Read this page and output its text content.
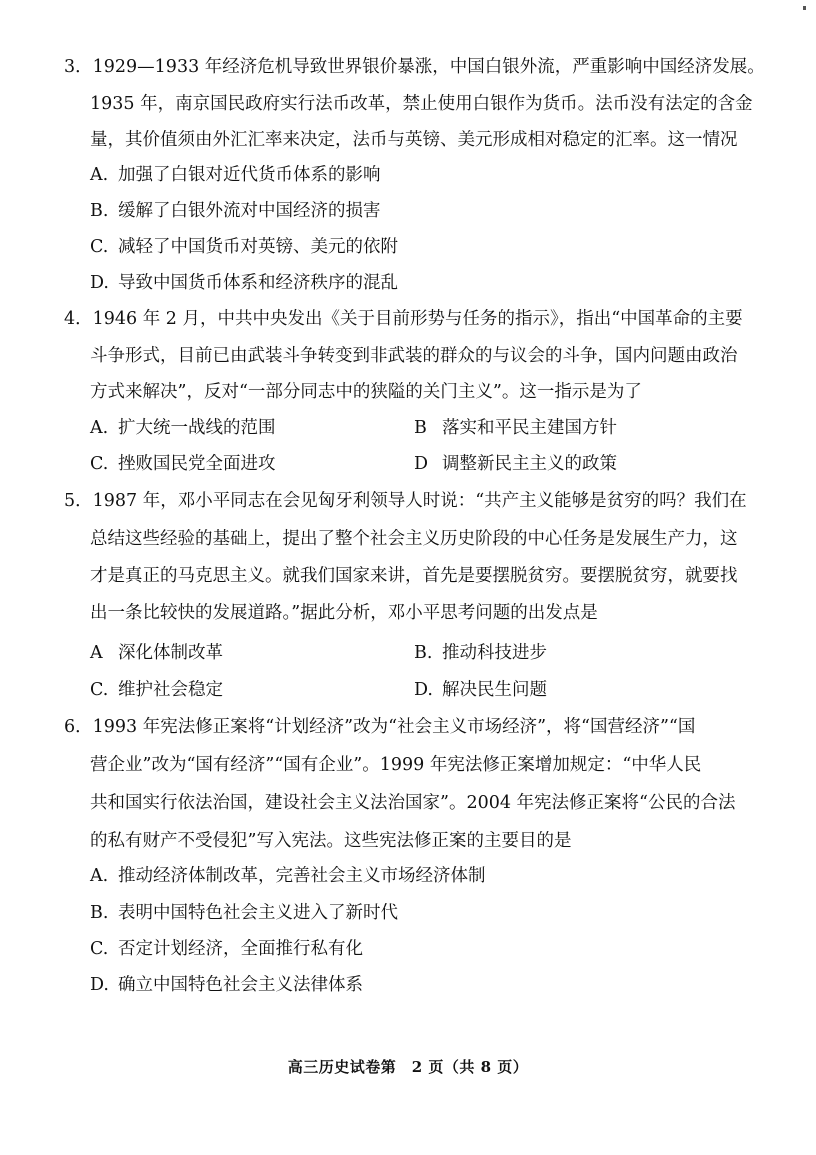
3．1929—1933 年经济危机导致世界银价暴涨，中国白银外流，严重影响中国经济发展。
1935 年，南京国民政府实行法币改革，禁止使用白银作为货币。法币没有法定的含金
量，其价值须由外汇汇率来决定，法币与英镑、美元形成相对稳定的汇率。这一情况
A. 加强了白银对近代货币体系的影响
B. 缓解了白银外流对中国经济的损害
C. 减轻了中国货币对英镑、美元的依附
D. 导致中国货币体系和经济秩序的混乱
4．1946 年 2 月，中共中央发出《关于目前形势与任务的指示》，指出“中国革命的主要
斗争形式，目前已由武装斗争转变到非武装的群众的与议会的斗争，国内问题由政治
方式来解决”，反对“一部分同志中的狭隘的关门主义”。这一指示是为了
A. 扩大统一战线的范围	B 落实和平民主建国方针
C. 挫败国民党全面进攻	D 调整新民主主义的政策
5．1987 年，邓小平同志在会见匈牙利领导人时说：“共产主义能够是贫穷的吗？我们在
总结这些经验的基础上，提出了整个社会主义历史阶段的中心任务是发展生产力，这
才是真正的马克思主义。就我们国家来讲，首先是要摆脱贫穷。要摆脱贫穷，就要找
出一条比较快的发展道路。”据此分析，邓小平思考问题的出发点是
A 深化体制改革	B. 推动科技进步
C. 维护社会稳定	D. 解决民生问题
6．1993 年宪法修正案将“计划经济”改为“社会主义市场经济”，将“国营经济”“国
营企业”改为“国有经济”“国有企业”。1999 年宪法修正案增加规定：“中华人民
共和国实行依法治国，建设社会主义法治国家”。2004 年宪法修正案将“公民的合法
的私有财产不受侵犯”写入宪法。这些宪法修正案的主要目的是
A. 推动经济体制改革，完善社会主义市场经济体制
B. 表明中国特色社会主义进入了新时代
C. 否定计划经济，全面推行私有化
D. 确立中国特色社会主义法律体系
高三历史试卷第　2 页（共 8 页）
